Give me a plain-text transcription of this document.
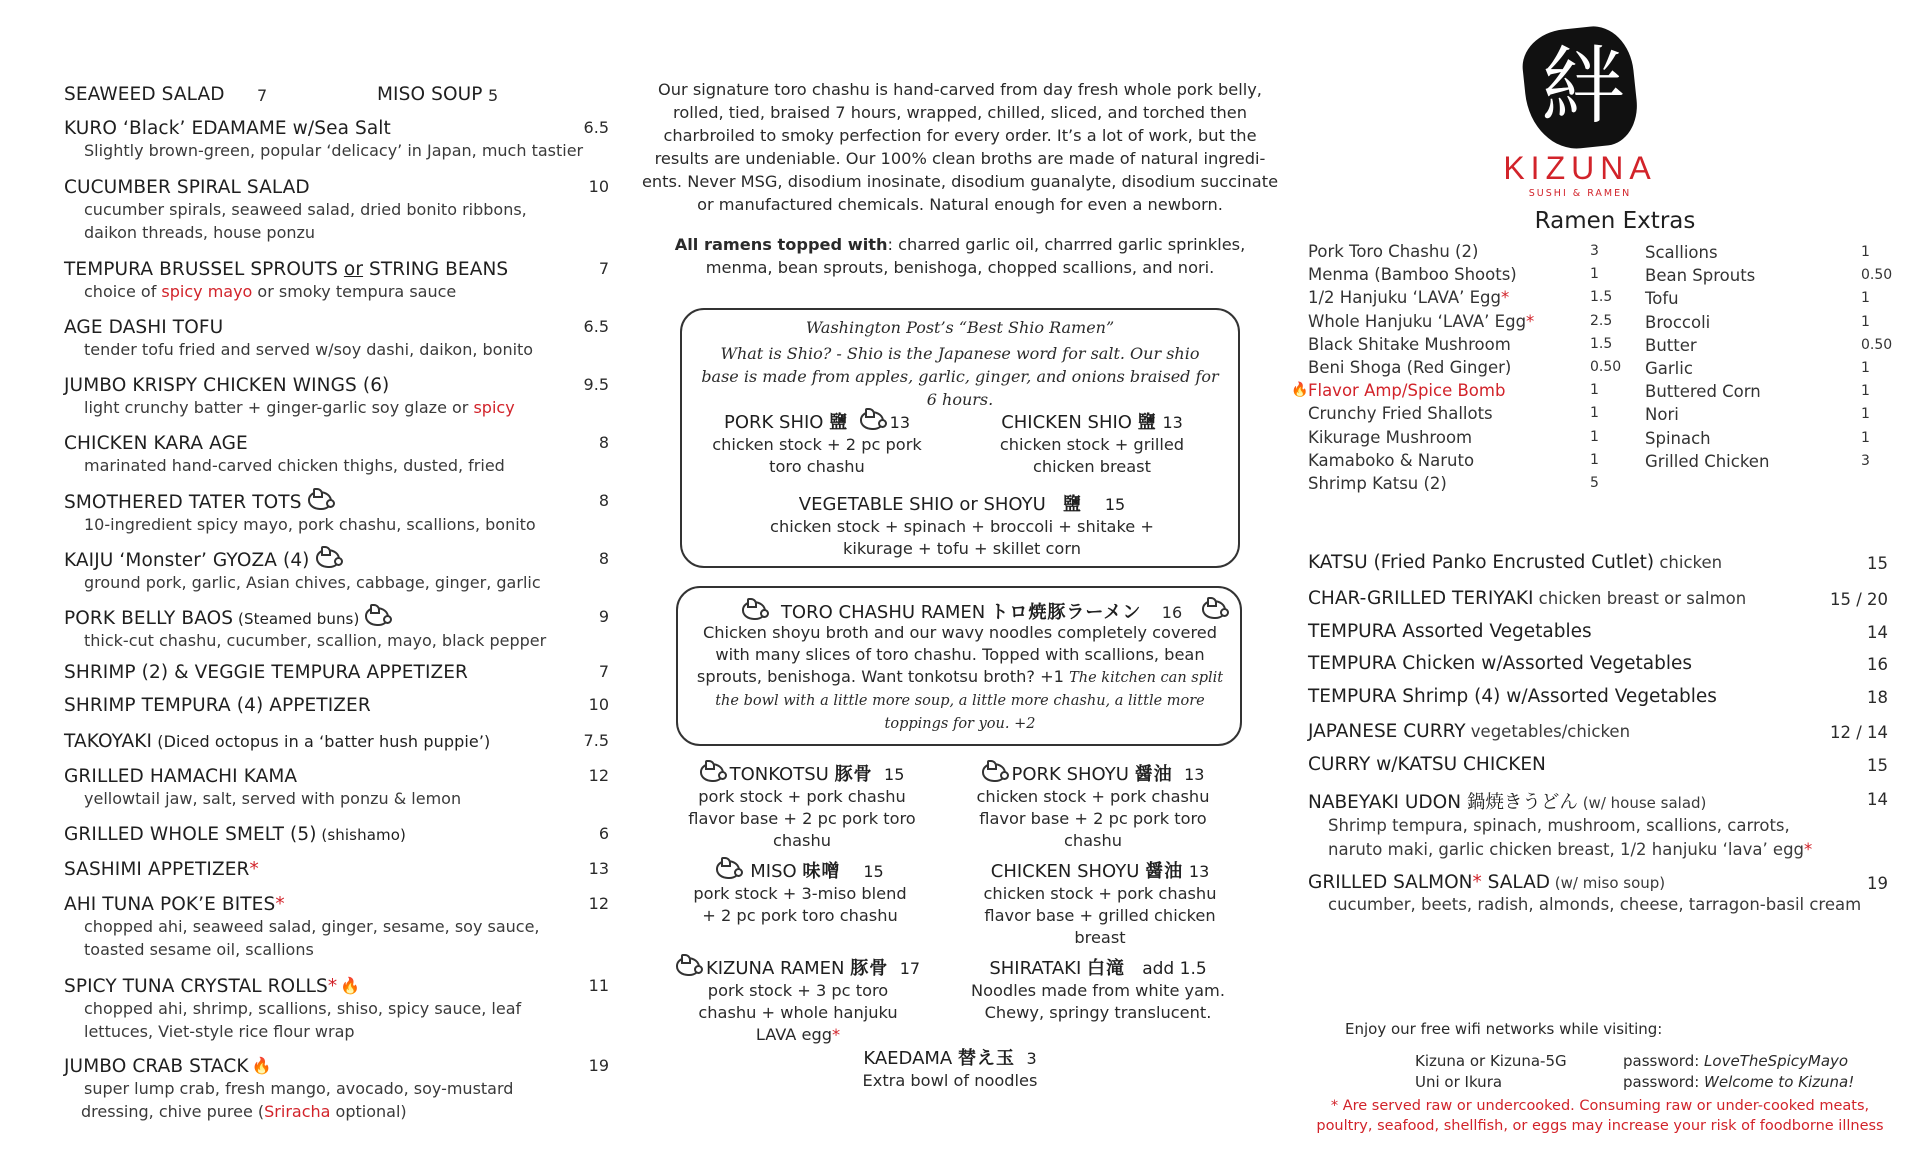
Starters
SEAWEED SALAD 7	MISO SOUP 5
KURO ‘Black’ EDAMAME w/Sea Salt	6.5
Slightly brown-green, popular ‘delicacy’ in Japan, much tastier
CUCUMBER SPIRAL SALAD	10
cucumber spirals, seaweed salad, dried bonito ribbons,
daikon threads, house ponzu
TEMPURA BRUSSEL SPROUTS or STRING BEANS	7
choice of spicy mayo or smoky tempura sauce
AGE DASHI TOFU	6.5
tender tofu fried and served w/soy dashi, daikon, bonito
JUMBO KRISPY CHICKEN WINGS (6)	9.5
light crunchy batter + ginger-garlic soy glaze or spicy
CHICKEN KARA AGE	8
marinated hand-carved chicken thighs, dusted, fried
SMOTHERED TATER TOTS	8
10-ingredient spicy mayo, pork chashu, scallions, bonito
KAIJU ‘Monster’ GYOZA (4)	8
ground pork, garlic, Asian chives, cabbage, ginger, garlic
PORK BELLY BAOS (Steamed buns)	9
thick-cut chashu, cucumber, scallion, mayo, black pepper
SHRIMP (2) & VEGGIE TEMPURA APPETIZER	7
SHRIMP TEMPURA (4) APPETIZER	10
TAKOYAKI (Diced octopus in a ‘batter hush puppie’)	7.5
GRILLED HAMACHI KAMA	12
yellowtail jaw, salt, served with ponzu & lemon
GRILLED WHOLE SMELT (5) (shishamo)	6
SASHIMI APPETIZER*	13
AHI TUNA POK’E BITES*	12
chopped ahi, seaweed salad, ginger, sesame, soy sauce,
toasted sesame oil, scallions
SPICY TUNA CRYSTAL ROLLS* 🔥	11
chopped ahi, shrimp, scallions, shiso, spicy sauce, leaf
lettuces, Viet-style rice flour wrap
JUMBO CRAB STACK 🔥	19
super lump crab, fresh mango, avocado, soy-mustard
dressing, chive puree (Sriracha optional)
Ramen ラーメン
Our signature toro chashu is hand-carved from day fresh whole pork belly, rolled, tied, braised 7 hours, wrapped, chilled, sliced, and torched then charbroiled to smoky perfection for every order. It’s a lot of work, but the results are undeniable. Our 100% clean broths are made of natural ingredi-ents. Never MSG, disodium inosinate, disodium guanalyte, disodium succinate or manufactured chemicals. Natural enough for even a newborn.
All ramens topped with: charred garlic oil, charrred garlic sprinkles, menma, bean sprouts, benishoga, chopped scallions, and nori.
Washington Post’s “Best Shio Ramen”
What is Shio? - Shio is the Japanese word for salt. Our shio base is made from apples, garlic, ginger, and onions braised for 6 hours.
PORK SHIO 鹽	13
chicken stock + 2 pc pork toro chashu
CHICKEN SHIO 鹽 13
chicken stock + grilled chicken breast
VEGETABLE SHIO or SHOYU 鹽 15
chicken stock + spinach + broccoli + shitake + kikurage + tofu + skillet corn
TORO CHASHU RAMEN トロ焼豚ラーメン 16
Chicken shoyu broth and our wavy noodles completely covered with many slices of toro chashu. Topped with scallions, bean sprouts, benishoga. Want tonkotsu broth? +1 The kitchen can split the bowl with a little more soup, a little more chashu, a little more toppings for you. +2
TONKOTSU 豚骨 15
pork stock + pork chashu flavor base + 2 pc pork toro chashu
PORK SHOYU 醤油 13
chicken stock + pork chashu flavor base + 2 pc pork toro chashu
MISO 味噌 15
pork stock + 3-miso blend + 2 pc pork toro chashu
CHICKEN SHOYU 醤油 13
chicken stock + pork chashu flavor base + grilled chicken breast
KIZUNA RAMEN 豚骨 17
pork stock + 3 pc toro chashu + whole hanjuku LAVA egg*
SHIRATAKI 白滝 add 1.5
Noodles made from white yam. Chewy, springy translucent.
KAEDAMA 替え玉 3
Extra bowl of noodles
絆
KIZUNA
SUSHI & RAMEN
Ramen Extras
Pork Toro Chashu (2)	3
Menma (Bamboo Shoots)	1
1/2 Hanjuku ‘LAVA’ Egg*	1.5
Whole Hanjuku ‘LAVA’ Egg*	2.5
Black Shitake Mushroom	1.5
Beni Shoga (Red Ginger)	0.50
🔥 Flavor Amp/Spice Bomb	1
Crunchy Fried Shallots	1
Kikurage Mushroom	1
Kamaboko & Naruto	1
Shrimp Katsu (2)	5
Scallions	1
Bean Sprouts	0.50
Tofu	1
Broccoli	1
Butter	0.50
Garlic	1
Buttered Corn	1
Nori	1
Spinach	1
Grilled Chicken	3
Kitchen Entrées (with miso soup, house salad, & rice)
KATSU (Fried Panko Encrusted Cutlet) chicken	15
CHAR-GRILLED TERIYAKI chicken breast or salmon	15 / 20
TEMPURA Assorted Vegetables	14
TEMPURA Chicken w/Assorted Vegetables	16
TEMPURA Shrimp (4) w/Assorted Vegetables	18
JAPANESE CURRY vegetables/chicken	12 / 14
CURRY w/KATSU CHICKEN	15
NABEYAKI UDON 鍋焼きうどん (w/ house salad)	14
Shrimp tempura, spinach, mushroom, scallions, carrots,
naruto maki, garlic chicken breast, 1/2 hanjuku ‘lava’ egg*
GRILLED SALMON* SALAD (w/ miso soup)	19
cucumber, beets, radish, almonds, cheese, tarragon-basil cream
Enjoy our free wifi networks while visiting:
Kizuna or Kizuna-5G	password: LoveTheSpicyMayo
Uni or Ikura	password: Welcome to Kizuna!
* Are served raw or undercooked. Consuming raw or under-cooked meats,
poultry, seafood, shellfish, or eggs may increase your risk of foodborne illness
